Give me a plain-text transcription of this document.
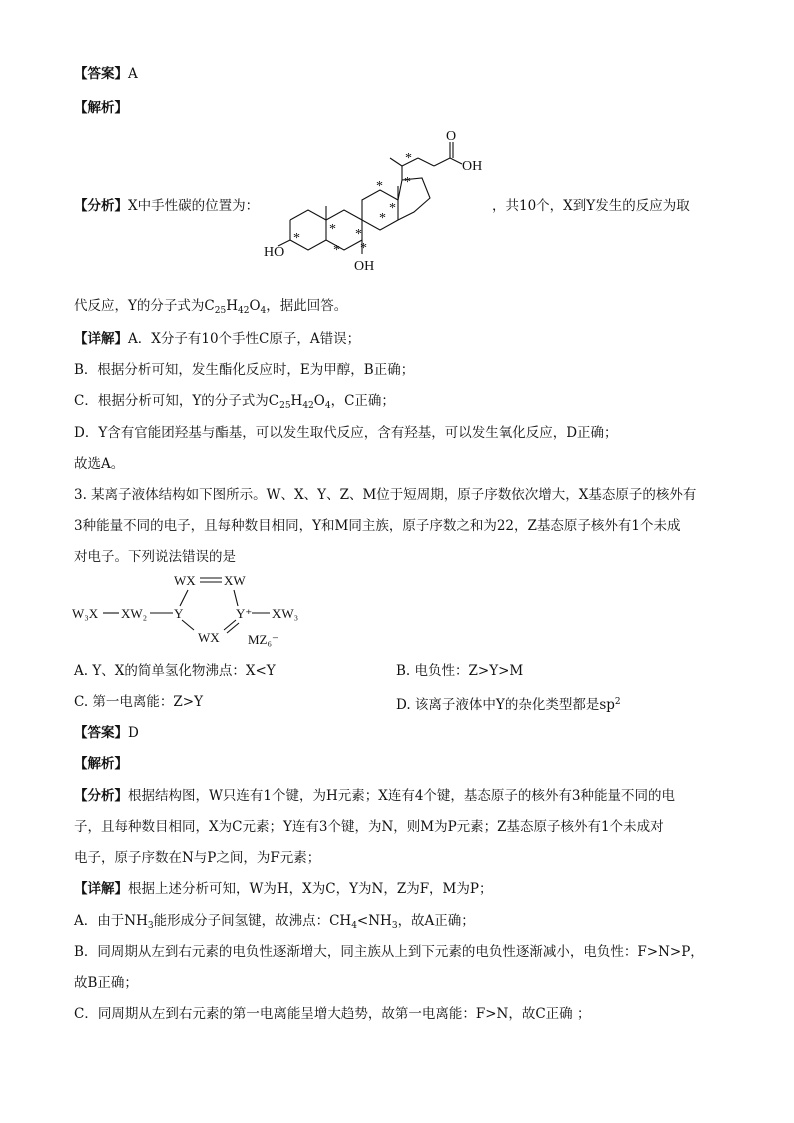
【答案】A
【解析】
【分析】X中手性碳的位置为：
HO
OH
O
OH
*
*
*
*
*
*
*
*
*
*
，共10个，X到Y发生的反应为取
代反应，Y的分子式为$C_{25}H_{42}O_4$，据此回答。
【详解】A．X分子有10个手性C原子，A错误；
B．根据分析可知，发生酯化反应时，E为甲醇，B正确；
C．根据分析可知，Y的分子式为$C_{25}H_{42}O_4$，C正确；
D．Y含有官能团羟基与酯基，可以发生取代反应，含有羟基，可以发生氧化反应，D正确；
故选A。
3. 某离子液体结构如下图所示。W、X、Y、Z、M位于短周期，原子序数依次增大，X基态原子的核外有
3种能量不同的电子，且每种数目相同，Y和M同主族，原子序数之和为22，Z基态原子核外有1个未成
对电子。下列说法错误的是
WX XW
W₃X XW₂ Y	Y⁺ XW₃
WX MZ₆⁻
A. Y、X的简单氢化物沸点：X<Y	B. 电负性：Z>Y>M
C. 第一电离能：Z>Y	D. 该离子液体中Y的杂化类型都是$sp^2$
【答案】D
【解析】
【分析】根据结构图，W只连有1个键，为H元素；X连有4个键，基态原子的核外有3种能量不同的电
子，且每种数目相同，X为C元素；Y连有3个键，为N，则M为P元素；Z基态原子核外有1个未成对
电子，原子序数在N与P之间，为F元素；
【详解】根据上述分析可知，W为H，X为C，Y为N，Z为F，M为P；
A．由于$NH_3$能形成分子间氢键，故沸点：$CH_4<NH_3$，故A正确；
B．同周期从左到右元素的电负性逐渐增大，同主族从上到下元素的电负性逐渐减小，电负性：F>N>P，
故B正确；
C．同周期从左到右元素的第一电离能呈增大趋势，故第一电离能：F>N，故C正确 ；
